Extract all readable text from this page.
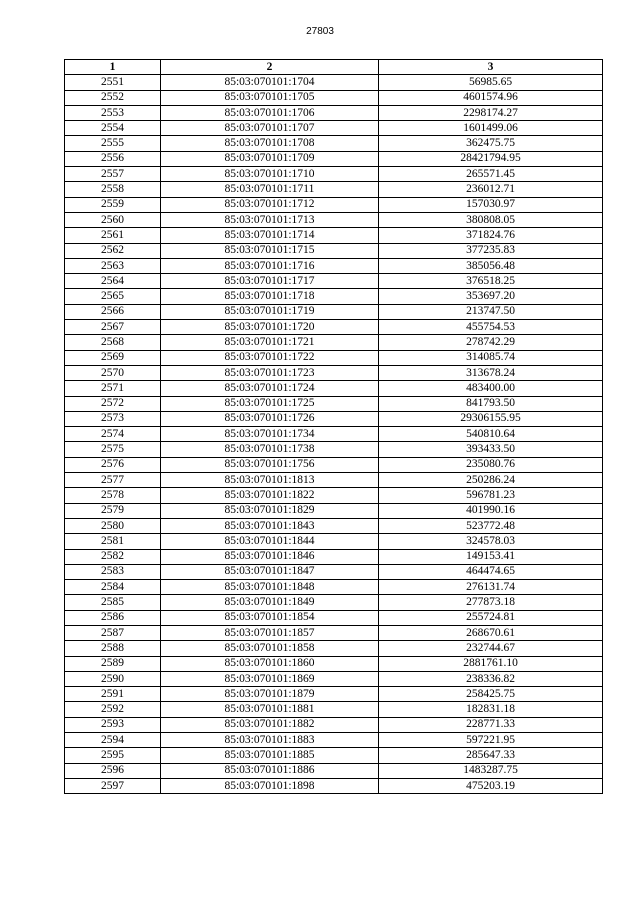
27803
1	2	3
2551	85:03:070101:1704	56985.65
2552	85:03:070101:1705	4601574.96
2553	85:03:070101:1706	2298174.27
2554	85:03:070101:1707	1601499.06
2555	85:03:070101:1708	362475.75
2556	85:03:070101:1709	28421794.95
2557	85:03:070101:1710	265571.45
2558	85:03:070101:1711	236012.71
2559	85:03:070101:1712	157030.97
2560	85:03:070101:1713	380808.05
2561	85:03:070101:1714	371824.76
2562	85:03:070101:1715	377235.83
2563	85:03:070101:1716	385056.48
2564	85:03:070101:1717	376518.25
2565	85:03:070101:1718	353697.20
2566	85:03:070101:1719	213747.50
2567	85:03:070101:1720	455754.53
2568	85:03:070101:1721	278742.29
2569	85:03:070101:1722	314085.74
2570	85:03:070101:1723	313678.24
2571	85:03:070101:1724	483400.00
2572	85:03:070101:1725	841793.50
2573	85:03:070101:1726	29306155.95
2574	85:03:070101:1734	540810.64
2575	85:03:070101:1738	393433.50
2576	85:03:070101:1756	235080.76
2577	85:03:070101:1813	250286.24
2578	85:03:070101:1822	596781.23
2579	85:03:070101:1829	401990.16
2580	85:03:070101:1843	523772.48
2581	85:03:070101:1844	324578.03
2582	85:03:070101:1846	149153.41
2583	85:03:070101:1847	464474.65
2584	85:03:070101:1848	276131.74
2585	85:03:070101:1849	277873.18
2586	85:03:070101:1854	255724.81
2587	85:03:070101:1857	268670.61
2588	85:03:070101:1858	232744.67
2589	85:03:070101:1860	2881761.10
2590	85:03:070101:1869	238336.82
2591	85:03:070101:1879	258425.75
2592	85:03:070101:1881	182831.18
2593	85:03:070101:1882	228771.33
2594	85:03:070101:1883	597221.95
2595	85:03:070101:1885	285647.33
2596	85:03:070101:1886	1483287.75
2597	85:03:070101:1898	475203.19
